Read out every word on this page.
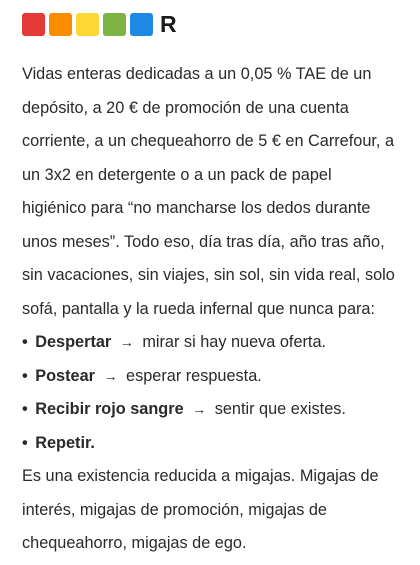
R

Vidas enteras dedicadas a un 0,05 % TAE de un depósito, a 20 € de promoción de una cuenta corriente, a un chequeahorro de 5 € en Carrefour, a un 3x2 en detergente o a un pack de papel higiénico para “no mancharse los dedos durante unos meses”. Todo eso, día tras día, año tras año, sin vacaciones, sin viajes, sin sol, sin vida real, solo sofá, pantalla y la rueda infernal que nunca para:

• Despertar → mirar si hay nueva oferta.
• Postear → esperar respuesta.
• Recibir rojo sangre → sentir que existes.
• Repetir.

Es una existencia reducida a migajas. Migajas de interés, migajas de promoción, migajas de chequeahorro, migajas de ego.
